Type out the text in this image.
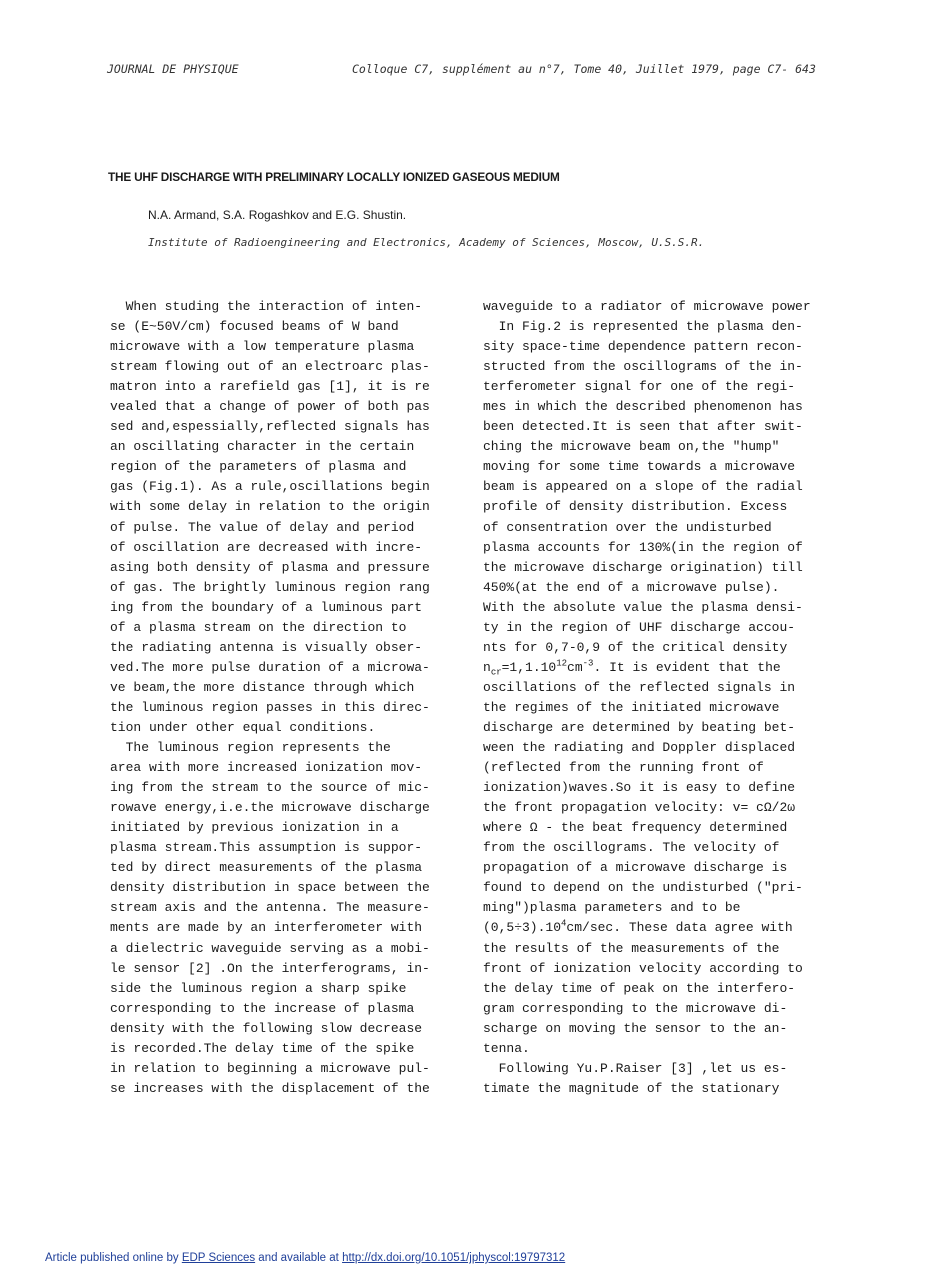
JOURNAL DE PHYSIQUE	Colloque C7, supplément au n°7, Tome 40, Juillet 1979, page C7- 643
THE UHF DISCHARGE WITH PRELIMINARY LOCALLY IONIZED GASEOUS MEDIUM
N.A. Armand, S.A. Rogashkov and E.G. Shustin.
Institute of Radioengineering and Electronics, Academy of Sciences, Moscow, U.S.S.R.
When studing the interaction of inten-
se (E~50V/cm) focused beams of W band
microwave with a low temperature plasma
stream flowing out of an electroarc plas-
matron into a rarefield gas [1], it is re
vealed that a change of power of both pas
sed and,espessially,reflected signals has
an oscillating character in the certain
region of the parameters of plasma and
gas (Fig.1). As a rule,oscillations begin
with some delay in relation to the origin
of pulse. The value of delay and period
of oscillation are decreased with incre-
asing both density of plasma and pressure
of gas. The brightly luminous region rang
ing from the boundary of a luminous part
of a plasma stream on the direction to
the radiating antenna is visually obser-
ved.The more pulse duration of a microwa-
ve beam,the more distance through which
the luminous region passes in this direc-
tion under other equal conditions.
The luminous region represents the
area with more increased ionization mov-
ing from the stream to the source of mic-
rowave energy,i.e.the microwave discharge
initiated by previous ionization in a
plasma stream.This assumption is suppor-
ted by direct measurements of the plasma
density distribution in space between the
stream axis and the antenna. The measure-
ments are made by an interferometer with
a dielectric waveguide serving as a mobi-
le sensor [2] .On the interferograms, in-
side the luminous region a sharp spike
corresponding to the increase of plasma
density with the following slow decrease
is recorded.The delay time of the spike
in relation to beginning a microwave pul-
se increases with the displacement of the
waveguide to a radiator of microwave power
In Fig.2 is represented the plasma den-
sity space-time dependence pattern recon-
structed from the oscillograms of the in-
terferometer signal for one of the regi-
mes in which the described phenomenon has
been detected.It is seen that after swit-
ching the microwave beam on,the "hump"
moving for some time towards a microwave
beam is appeared on a slope of the radial
profile of density distribution. Excess
of consentration over the undisturbed
plasma accounts for 130%(in the region of
the microwave discharge origination) till
450%(at the end of a microwave pulse).
With the absolute value the plasma densi-
ty in the region of UHF discharge accou-
nts for 0,7-0,9 of the critical density
$n_{cr}=1,1.10^{12}cm^{-3}$. It is evident that the
oscillations of the reflected signals in
the regimes of the initiated microwave
discharge are determined by beating bet-
ween the radiating and Doppler displaced
(reflected from the running front of
ionization)waves.So it is easy to define
the front propagation velocity: v= cΩ/2ω
where Ω - the beat frequency determined
from the oscillograms. The velocity of
propagation of a microwave discharge is
found to depend on the undisturbed ("pri-
ming")plasma parameters and to be
$(0,5\div 3).10^4cm/\sec$. These data agree with
the results of the measurements of the
front of ionization velocity according to
the delay time of peak on the interfero-
gram corresponding to the microwave di-
scharge on moving the sensor to the an-
tenna.
Following Yu.P.Raiser [3] ,let us es-
timate the magnitude of the stationary
Article published online by EDP Sciences and available at http://dx.doi.org/10.1051/jphyscol:19797312
